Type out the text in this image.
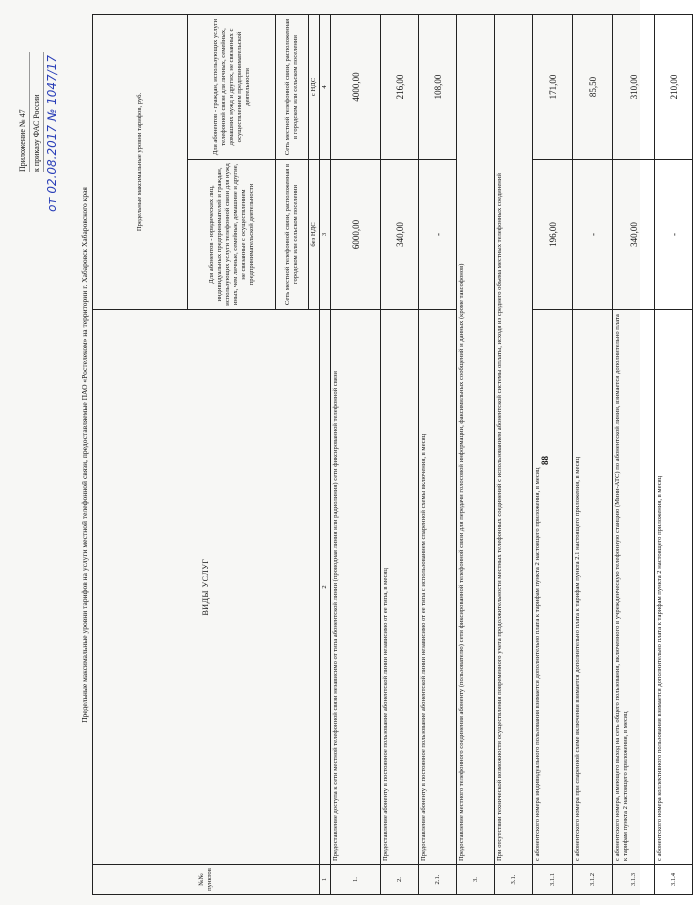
88
Приложение № 47 к приказу ФАС России от 02.08.2017 № 1047/17
Предельные максимальные уровни тарифов на услуги местной телефонной связи, предоставляемые ПАО «Ростелеком» на территории г. Хабаровск Хабаровского края
№№ пунктов	ВИДЫ УСЛУГ	Предельные максимальные уровни тарифов, руб.	
		Для абонентов - юридических лиц, индивидуальных предпринимателей и граждан, использующих услуги телефонной связи для нужд иных, чем личные, семейные, домашние и другие, не связанные с осуществлением предпринимательской деятельности	Для абонентов - граждан, использующих услуги телефонной связи для личных, семейных, домашних нужд и других, не связанных с осуществлением предпринимательской деятельности
		Сеть местной телефонной связи, расположенная в городском или сельском поселении	Сеть местной телефонной связи, расположенная в городском или сельском поселении
		без НДС	с НДС
1	2	3	4
1.	Предоставление доступа к сети местной телефонной связи независимо от типа абонентской линии (проводная линия или радиолиния) сети фиксированной телефонной связи	6000,00	4000,00
2.	Предоставление абоненту в постоянное пользование абонентской линии независимо от ее типа, в месяц	340,00	216,00
2.1.	Предоставление абоненту в постоянное пользование абонентской линии независимо от ее типа с использованием спаренной схемы включения, в месяц	-	108,00
3.	Предоставление местного телефонного соединения абоненту (пользователю) сети фиксированной телефонной связи для передачи голосовой информации, факсимильных сообщений и данных (кроме таксофонов)		
3.1.	При отсутствии технической возможности осуществления повременного учета продолжительности местных телефонных соединений с использованием абонентской системы оплаты, исходя из среднего объема местных телефонных соединений		
3.1.1	с абонентского номера индивидуального пользования взимается дополнительно плата к тарифам пункта 2 настоящего приложения, в месяц	196,00	171,00
3.1.2	с абонентского номера при спаренной схеме включения взимается дополнительно плата к тарифам пункта 2.1 настоящего приложения, в месяц	-	85,50
3.1.3	с абонентского номера, имеющего выход на сеть общего пользования, включенного в учрежденческую телефонную станцию (Мини-АТС) по абонентской линии, взимается дополнительно плата к тарифам пункта 2 настоящего приложения, в месяц	340,00	310,00
3.1.4	с абонентского номера коллективного пользования взимается дополнительно плата к тарифам пункта 2 настоящего приложения, в месяц	-	210,00
